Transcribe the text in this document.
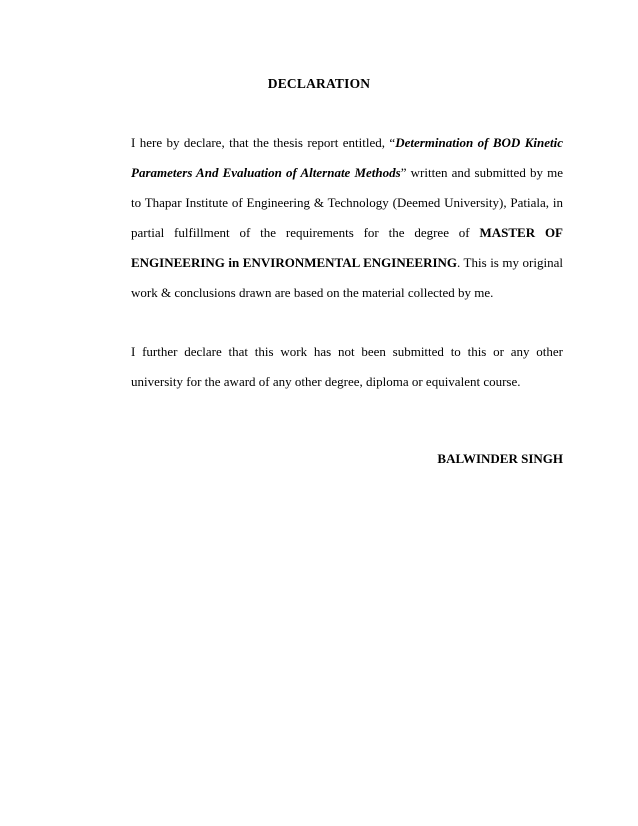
DECLARATION
I here by declare, that the thesis report entitled, “Determination of BOD Kinetic Parameters And Evaluation of Alternate Methods” written and submitted by me to Thapar Institute of Engineering & Technology (Deemed University), Patiala, in partial fulfillment of the requirements for the degree of MASTER OF ENGINEERING in ENVIRONMENTAL ENGINEERING. This is my original work & conclusions drawn are based on the material collected by me.
I further declare that this work has not been submitted to this or any other university for the award of any other degree, diploma or equivalent course.
BALWINDER SINGH
